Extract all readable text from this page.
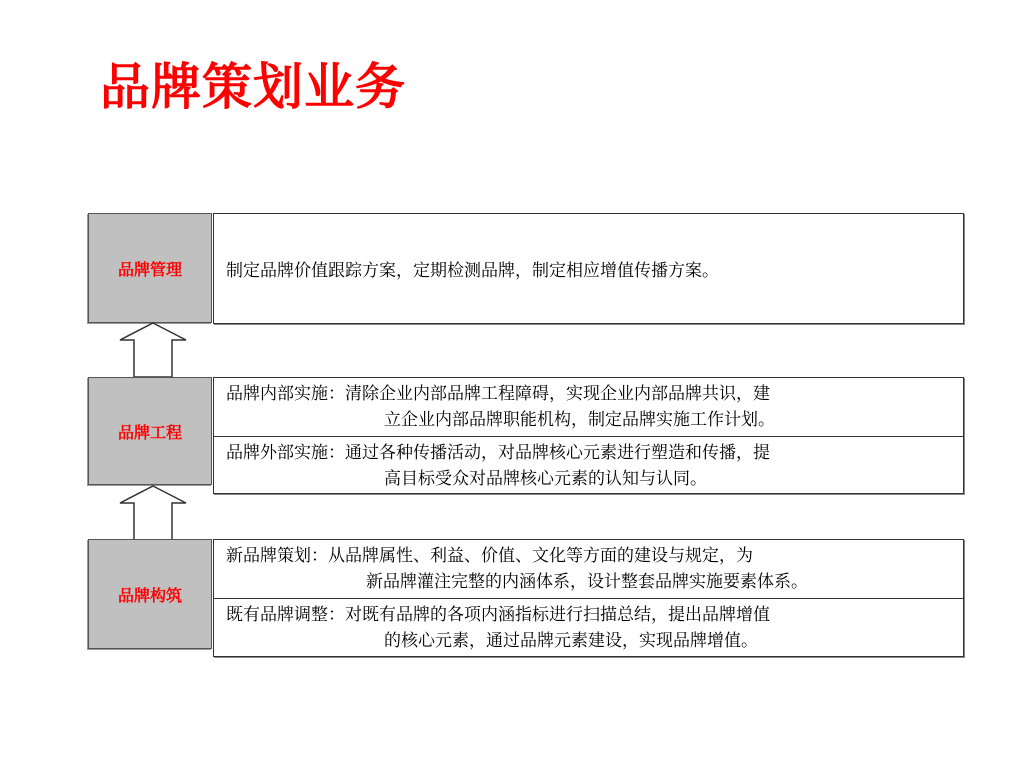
品牌策划业务
品牌管理	制定品牌价值跟踪方案，定期检测品牌，制定相应增值传播方案。
品牌工程
品牌内部实施：清除企业内部品牌工程障碍，实现企业内部品牌共识，建
立企业内部品牌职能机构，制定品牌实施工作计划。
品牌外部实施：通过各种传播活动，对品牌核心元素进行塑造和传播，提
高目标受众对品牌核心元素的认知与认同。
品牌构筑
新品牌策划：从品牌属性、利益、价值、文化等方面的建设与规定，为
新品牌灌注完整的内涵体系，设计整套品牌实施要素体系。
既有品牌调整：对既有品牌的各项内涵指标进行扫描总结，提出品牌增值
的核心元素，通过品牌元素建设，实现品牌增值。
